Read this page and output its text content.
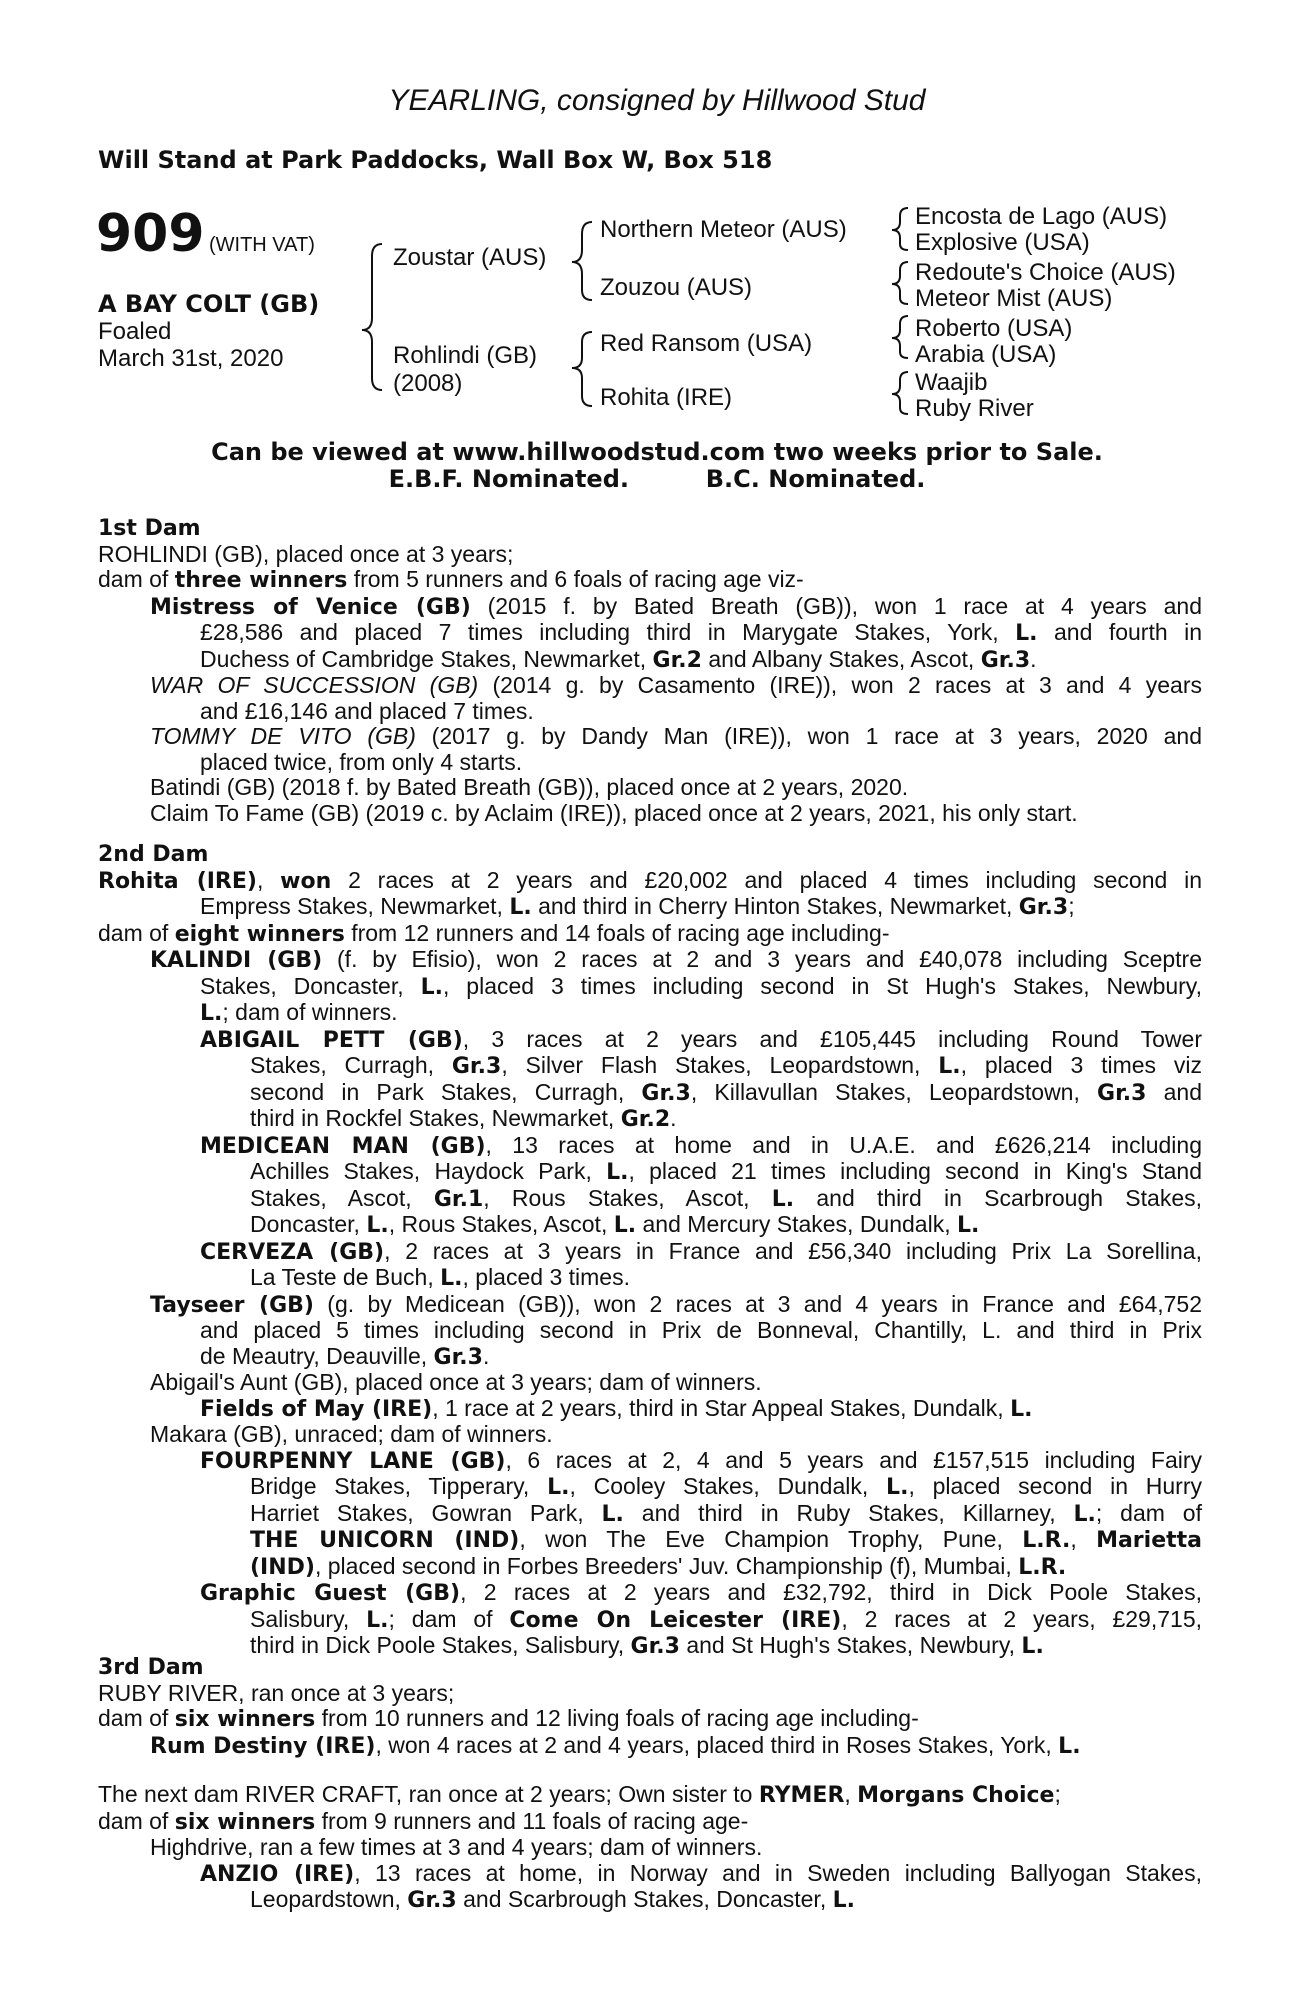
YEARLING, consigned by Hillwood Stud
Will Stand at Park Paddocks, Wall Box W, Box 518
909 (WITH VAT)
A BAY COLT (GB)
Foaled
March 31st, 2020
Zoustar (AUS)
Rohlindi (GB)
(2008)
Northern Meteor (AUS)
Zouzou (AUS)
Red Ransom (USA)
Rohita (IRE)
Encosta de Lago (AUS)
Explosive (USA)
Redoute's Choice (AUS)
Meteor Mist (AUS)
Roberto (USA)
Arabia (USA)
Waajib
Ruby River
Can be viewed at www.hillwoodstud.com two weeks prior to Sale.
E.B.F. Nominated.	B.C. Nominated.
1st Dam
ROHLINDI (GB), placed once at 3 years;
dam of three winners from 5 runners and 6 foals of racing age viz-
Mistress of Venice (GB) (2015 f. by Bated Breath (GB)), won 1 race at 4 years and
£28,586 and placed 7 times including third in Marygate Stakes, York, L. and fourth in
Duchess of Cambridge Stakes, Newmarket, Gr.2 and Albany Stakes, Ascot, Gr.3.
WAR OF SUCCESSION (GB) (2014 g. by Casamento (IRE)), won 2 races at 3 and 4 years
and £16,146 and placed 7 times.
TOMMY DE VITO (GB) (2017 g. by Dandy Man (IRE)), won 1 race at 3 years, 2020 and
placed twice, from only 4 starts.
Batindi (GB) (2018 f. by Bated Breath (GB)), placed once at 2 years, 2020.
Claim To Fame (GB) (2019 c. by Aclaim (IRE)), placed once at 2 years, 2021, his only start.
2nd Dam
Rohita (IRE), won 2 races at 2 years and £20,002 and placed 4 times including second in
Empress Stakes, Newmarket, L. and third in Cherry Hinton Stakes, Newmarket, Gr.3;
dam of eight winners from 12 runners and 14 foals of racing age including-
KALINDI (GB) (f. by Efisio), won 2 races at 2 and 3 years and £40,078 including Sceptre
Stakes, Doncaster, L., placed 3 times including second in St Hugh's Stakes, Newbury,
L.; dam of winners.
ABIGAIL PETT (GB), 3 races at 2 years and £105,445 including Round Tower
Stakes, Curragh, Gr.3, Silver Flash Stakes, Leopardstown, L., placed 3 times viz
second in Park Stakes, Curragh, Gr.3, Killavullan Stakes, Leopardstown, Gr.3 and
third in Rockfel Stakes, Newmarket, Gr.2.
MEDICEAN MAN (GB), 13 races at home and in U.A.E. and £626,214 including
Achilles Stakes, Haydock Park, L., placed 21 times including second in King's Stand
Stakes, Ascot, Gr.1, Rous Stakes, Ascot, L. and third in Scarbrough Stakes,
Doncaster, L., Rous Stakes, Ascot, L. and Mercury Stakes, Dundalk, L.
CERVEZA (GB), 2 races at 3 years in France and £56,340 including Prix La Sorellina,
La Teste de Buch, L., placed 3 times.
Tayseer (GB) (g. by Medicean (GB)), won 2 races at 3 and 4 years in France and £64,752
and placed 5 times including second in Prix de Bonneval, Chantilly, L. and third in Prix
de Meautry, Deauville, Gr.3.
Abigail's Aunt (GB), placed once at 3 years; dam of winners.
Fields of May (IRE), 1 race at 2 years, third in Star Appeal Stakes, Dundalk, L.
Makara (GB), unraced; dam of winners.
FOURPENNY LANE (GB), 6 races at 2, 4 and 5 years and £157,515 including Fairy
Bridge Stakes, Tipperary, L., Cooley Stakes, Dundalk, L., placed second in Hurry
Harriet Stakes, Gowran Park, L. and third in Ruby Stakes, Killarney, L.; dam of
THE UNICORN (IND), won The Eve Champion Trophy, Pune, L.R., Marietta
(IND), placed second in Forbes Breeders' Juv. Championship (f), Mumbai, L.R.
Graphic Guest (GB), 2 races at 2 years and £32,792, third in Dick Poole Stakes,
Salisbury, L.; dam of Come On Leicester (IRE), 2 races at 2 years, £29,715,
third in Dick Poole Stakes, Salisbury, Gr.3 and St Hugh's Stakes, Newbury, L.
3rd Dam
RUBY RIVER, ran once at 3 years;
dam of six winners from 10 runners and 12 living foals of racing age including-
Rum Destiny (IRE), won 4 races at 2 and 4 years, placed third in Roses Stakes, York, L.
The next dam RIVER CRAFT, ran once at 2 years; Own sister to RYMER, Morgans Choice;
dam of six winners from 9 runners and 11 foals of racing age-
Highdrive, ran a few times at 3 and 4 years; dam of winners.
ANZIO (IRE), 13 races at home, in Norway and in Sweden including Ballyogan Stakes,
Leopardstown, Gr.3 and Scarbrough Stakes, Doncaster, L.
